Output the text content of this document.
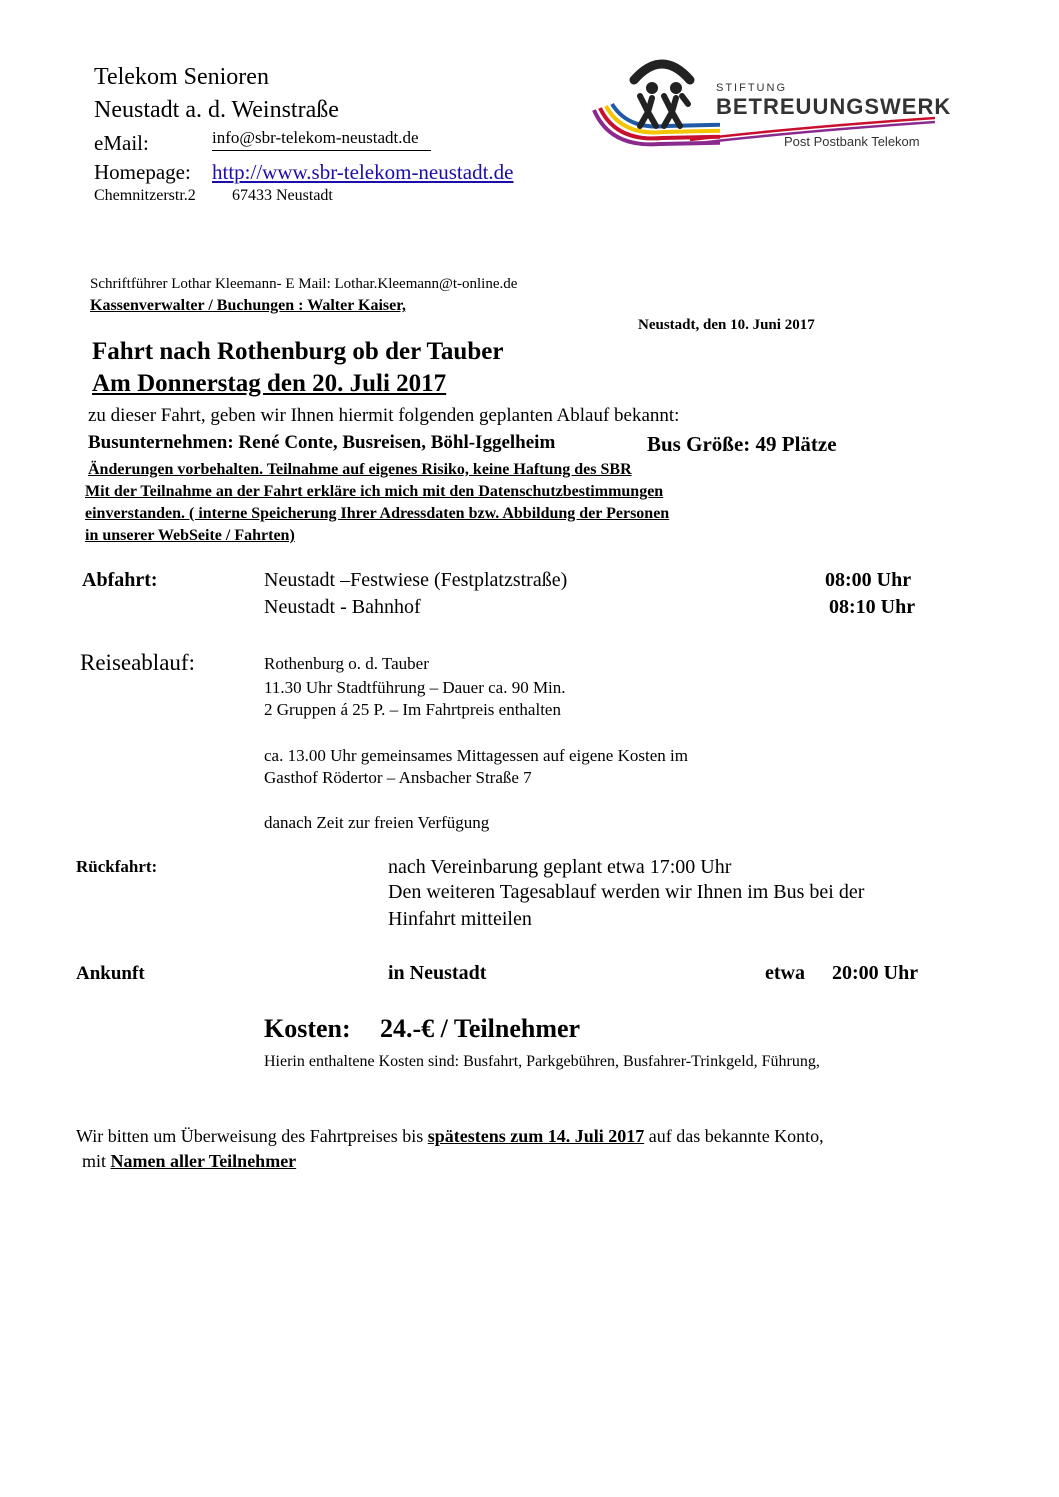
Telekom Senioren
Neustadt a. d. Weinstraße
eMail:	info@sbr-telekom-neustadt.de
Homepage: http://www.sbr-telekom-neustadt.de
Chemnitzerstr.2 67433 Neustadt
STIFTUNG
BETREUUNGSWERK
Post Postbank Telekom
Schriftführer Lothar Kleemann- E Mail: Lothar.Kleemann@t-online.de
Kassenverwalter / Buchungen : Walter Kaiser,
Neustadt, den 10. Juni 2017
Fahrt nach Rothenburg ob der Tauber
Am Donnerstag den 20. Juli 2017
zu dieser Fahrt, geben wir Ihnen hiermit folgenden geplanten Ablauf bekannt:
Busunternehmen: René Conte, Busreisen, Böhl-Iggelheim	Bus Größe: 49 Plätze
Änderungen vorbehalten. Teilnahme auf eigenes Risiko, keine Haftung des SBR
Mit der Teilnahme an der Fahrt erkläre ich mich mit den Datenschutzbestimmungen
einverstanden. ( interne Speicherung Ihrer Adressdaten bzw. Abbildung der Personen
in unserer WebSeite / Fahrten)
Abfahrt:	Neustadt –Festwiese (Festplatzstraße)	08:00 Uhr
Neustadt - Bahnhof	08:10 Uhr
Reiseablauf:	Rothenburg o. d. Tauber
11.30 Uhr Stadtführung – Dauer ca. 90 Min.
2 Gruppen á 25 P. – Im Fahrtpreis enthalten
ca. 13.00 Uhr gemeinsames Mittagessen auf eigene Kosten im
Gasthof Rödertor – Ansbacher Straße 7
danach Zeit zur freien Verfügung
Rückfahrt:	nach Vereinbarung geplant etwa 17:00 Uhr
Den weiteren Tagesablauf werden wir Ihnen im Bus bei der
Hinfahrt mitteilen
Ankunft	in Neustadt	etwa 20:00 Uhr
Kosten: 24.-€ / Teilnehmer
Hierin enthaltene Kosten sind: Busfahrt, Parkgebühren, Busfahrer-Trinkgeld, Führung,
Wir bitten um Überweisung des Fahrtpreises bis spätestens zum 14. Juli 2017 auf das bekannte Konto,
mit Namen aller Teilnehmer
